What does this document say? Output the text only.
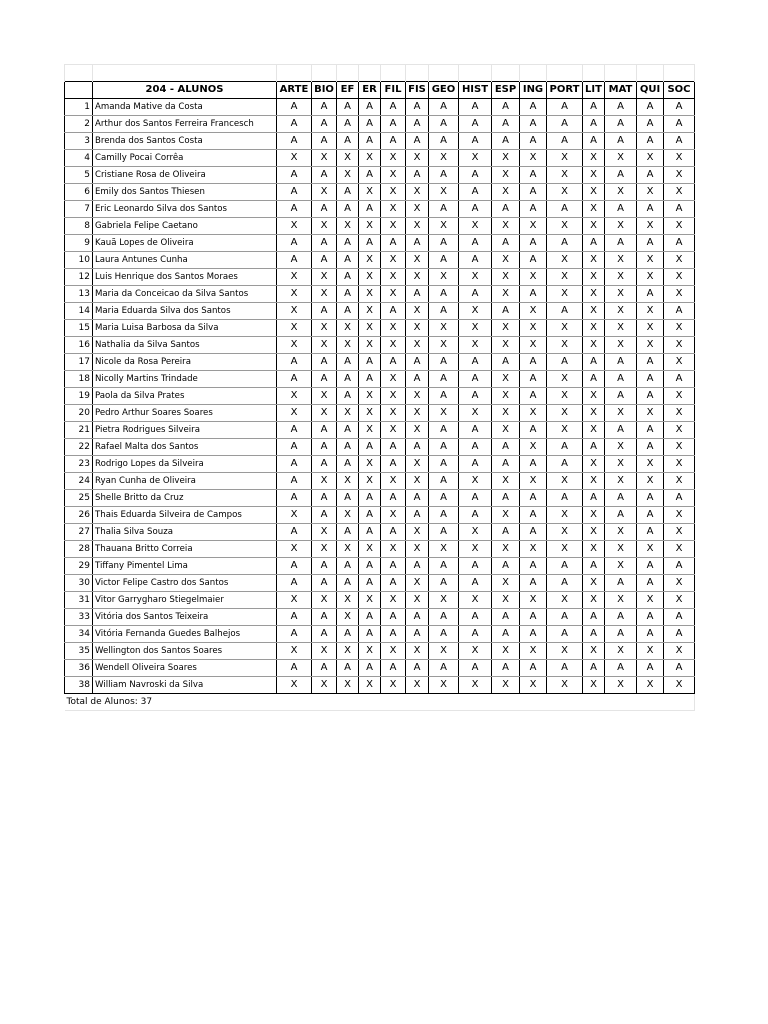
	204 - ALUNOS	ARTE	BIO	EF	ER	FIL	FIS	GEO	HIST	ESP	ING	PORT	LIT	MAT	QUI	SOC
1	Amanda Mative da Costa	A	A	A	A	A	A	A	A	A	A	A	A	A	A	A
2	Arthur dos Santos Ferreira Francesch	A	A	A	A	A	A	A	A	A	A	A	A	A	A	A
3	Brenda dos Santos Costa	A	A	A	A	A	A	A	A	A	A	A	A	A	A	A
4	Camilly Pocai Corrêa	X	X	X	X	X	X	X	X	X	X	X	X	X	X	X
5	Cristiane Rosa de Oliveira	A	A	X	A	X	A	A	A	X	A	X	X	A	A	X
6	Emily dos Santos Thiesen	A	X	A	X	X	X	X	A	X	A	X	X	X	X	X
7	Eric Leonardo Silva dos Santos	A	A	A	A	X	X	A	A	A	A	A	X	A	A	A
8	Gabriela Felipe Caetano	X	X	X	X	X	X	X	X	X	X	X	X	X	X	X
9	Kauã Lopes de Oliveira	A	A	A	A	A	A	A	A	A	A	A	A	A	A	A
10	Laura Antunes Cunha	A	A	A	X	X	X	A	A	X	A	X	X	X	X	X
12	Luis Henrique dos Santos Moraes	X	X	A	X	X	X	X	X	X	X	X	X	X	X	X
13	Maria da Conceicao da Silva Santos	X	X	A	X	X	A	A	A	X	A	X	X	X	A	X
14	Maria Eduarda Silva dos Santos	X	A	A	X	A	X	A	X	A	X	A	X	X	X	A
15	Maria Luisa Barbosa da Silva	X	X	X	X	X	X	X	X	X	X	X	X	X	X	X
16	Nathalia da Silva Santos	X	X	X	X	X	X	X	X	X	X	X	X	X	X	X
17	Nicole da Rosa Pereira	A	A	A	A	A	A	A	A	A	A	A	A	A	A	X
18	Nicolly Martins Trindade	A	A	A	A	X	A	A	A	X	A	X	A	A	A	A
19	Paola da Silva Prates	X	X	A	X	X	X	A	A	X	A	X	X	A	A	X
20	Pedro Arthur Soares Soares	X	X	X	X	X	X	X	X	X	X	X	X	X	X	X
21	Pietra Rodrigues Silveira	A	A	A	X	X	X	A	A	X	A	X	X	A	A	X
22	Rafael Malta dos Santos	A	A	A	A	A	A	A	A	A	X	A	A	X	A	X
23	Rodrigo Lopes da Silveira	A	A	A	X	A	X	A	A	A	A	A	X	X	X	X
24	Ryan Cunha de Oliveira	A	X	X	X	X	X	A	X	X	X	X	X	X	X	X
25	Shelle Britto da Cruz	A	A	A	A	A	A	A	A	A	A	A	A	A	A	A
26	Thais Eduarda Silveira de Campos	X	A	X	A	X	A	A	A	X	A	X	X	A	A	X
27	Thalia Silva Souza	A	X	A	A	A	X	A	X	A	A	X	X	X	A	X
28	Thauana Britto Correia	X	X	X	X	X	X	X	X	X	X	X	X	X	X	X
29	Tiffany Pimentel Lima	A	A	A	A	A	A	A	A	A	A	A	A	X	A	A
30	Victor Felipe Castro dos Santos	A	A	A	A	A	X	A	A	X	A	A	X	A	A	X
31	Vitor Garrygharo Stiegelmaier	X	X	X	X	X	X	X	X	X	X	X	X	X	X	X
33	Vitória dos Santos Teixeira	A	A	X	A	A	A	A	A	A	A	A	A	A	A	A
34	Vitória Fernanda Guedes Balhejos	A	A	A	A	A	A	A	A	A	A	A	A	A	A	A
35	Wellington dos Santos Soares	X	X	X	X	X	X	X	X	X	X	X	X	X	X	X
36	Wendell Oliveira Soares	A	A	A	A	A	A	A	A	A	A	A	A	A	A	A
38	William Navroski da Silva	X	X	X	X	X	X	X	X	X	X	X	X	X	X	X
Total de Alunos: 37																
